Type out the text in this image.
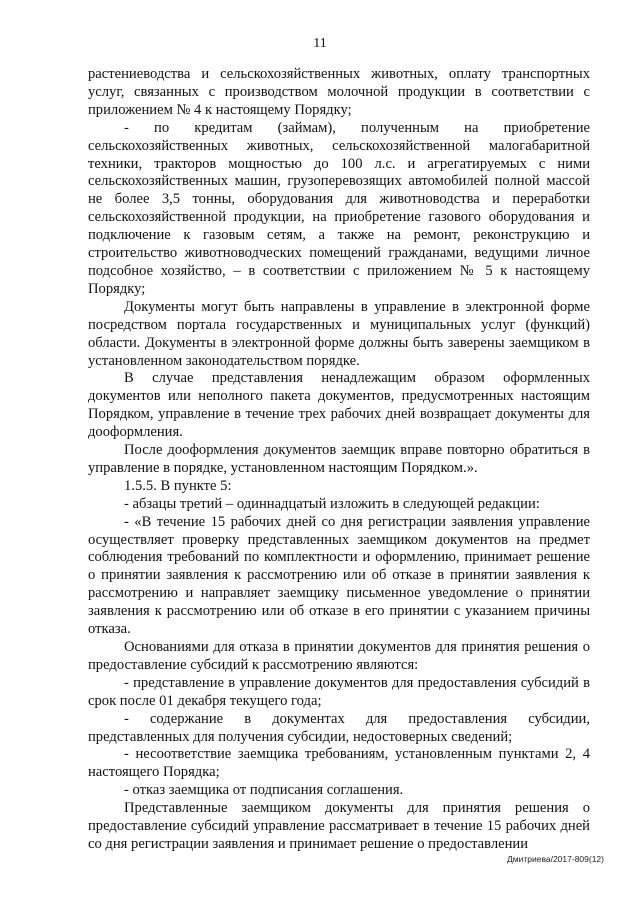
11

растениеводства и сельскохозяйственных животных, оплату транспортных услуг, связанных с производством молочной продукции в соответствии с приложением № 4 к настоящему Порядку;

- по кредитам (займам), полученным на приобретение сельскохозяйственных животных, сельскохозяйственной малогабаритной техники, тракторов мощностью до 100 л.с. и агрегатируемых с ними сельскохозяйственных машин, грузоперевозящих автомобилей полной массой не более 3,5 тонны, оборудования для животноводства и переработки сельскохозяйственной продукции, на приобретение газового оборудования и подключение к газовым сетям, а также на ремонт, реконструкцию и строительство животноводческих помещений гражданами, ведущими личное подсобное хозяйство, – в соответствии с приложением № 5 к настоящему Порядку;

Документы могут быть направлены в управление в электронной форме посредством портала государственных и муниципальных услуг (функций) области. Документы в электронной форме должны быть заверены заемщиком в установленном законодательством порядке.

В случае представления ненадлежащим образом оформленных документов или неполного пакета документов, предусмотренных настоящим Порядком, управление в течение трех рабочих дней возвращает документы для дооформления.

После дооформления документов заемщик вправе повторно обратиться в управление в порядке, установленном настоящим Порядком.».

1.5.5. В пункте 5:

- абзацы третий – одиннадцатый изложить в следующей редакции:

- «В течение 15 рабочих дней со дня регистрации заявления управление осуществляет проверку представленных заемщиком документов на предмет соблюдения требований по комплектности и оформлению, принимает решение о принятии заявления к рассмотрению или об отказе в принятии заявления к рассмотрению и направляет заемщику письменное уведомление о принятии заявления к рассмотрению или об отказе в его принятии с указанием причины отказа.

Основаниями для отказа в принятии документов для принятия решения о предоставление субсидий к рассмотрению являются:

- представление в управление документов для предоставления субсидий в срок после 01 декабря текущего года;

- содержание в документах для предоставления субсидии, представленных для получения субсидии, недостоверных сведений;

- несоответствие заемщика требованиям, установленным пунктами 2, 4 настоящего Порядка;

- отказ заемщика от подписания соглашения.

Представленные заемщиком документы для принятия решения о предоставление субсидий управление рассматривает в течение 15 рабочих дней со дня регистрации заявления и принимает решение о предоставлении

Дмитриева/2017-809(12)
